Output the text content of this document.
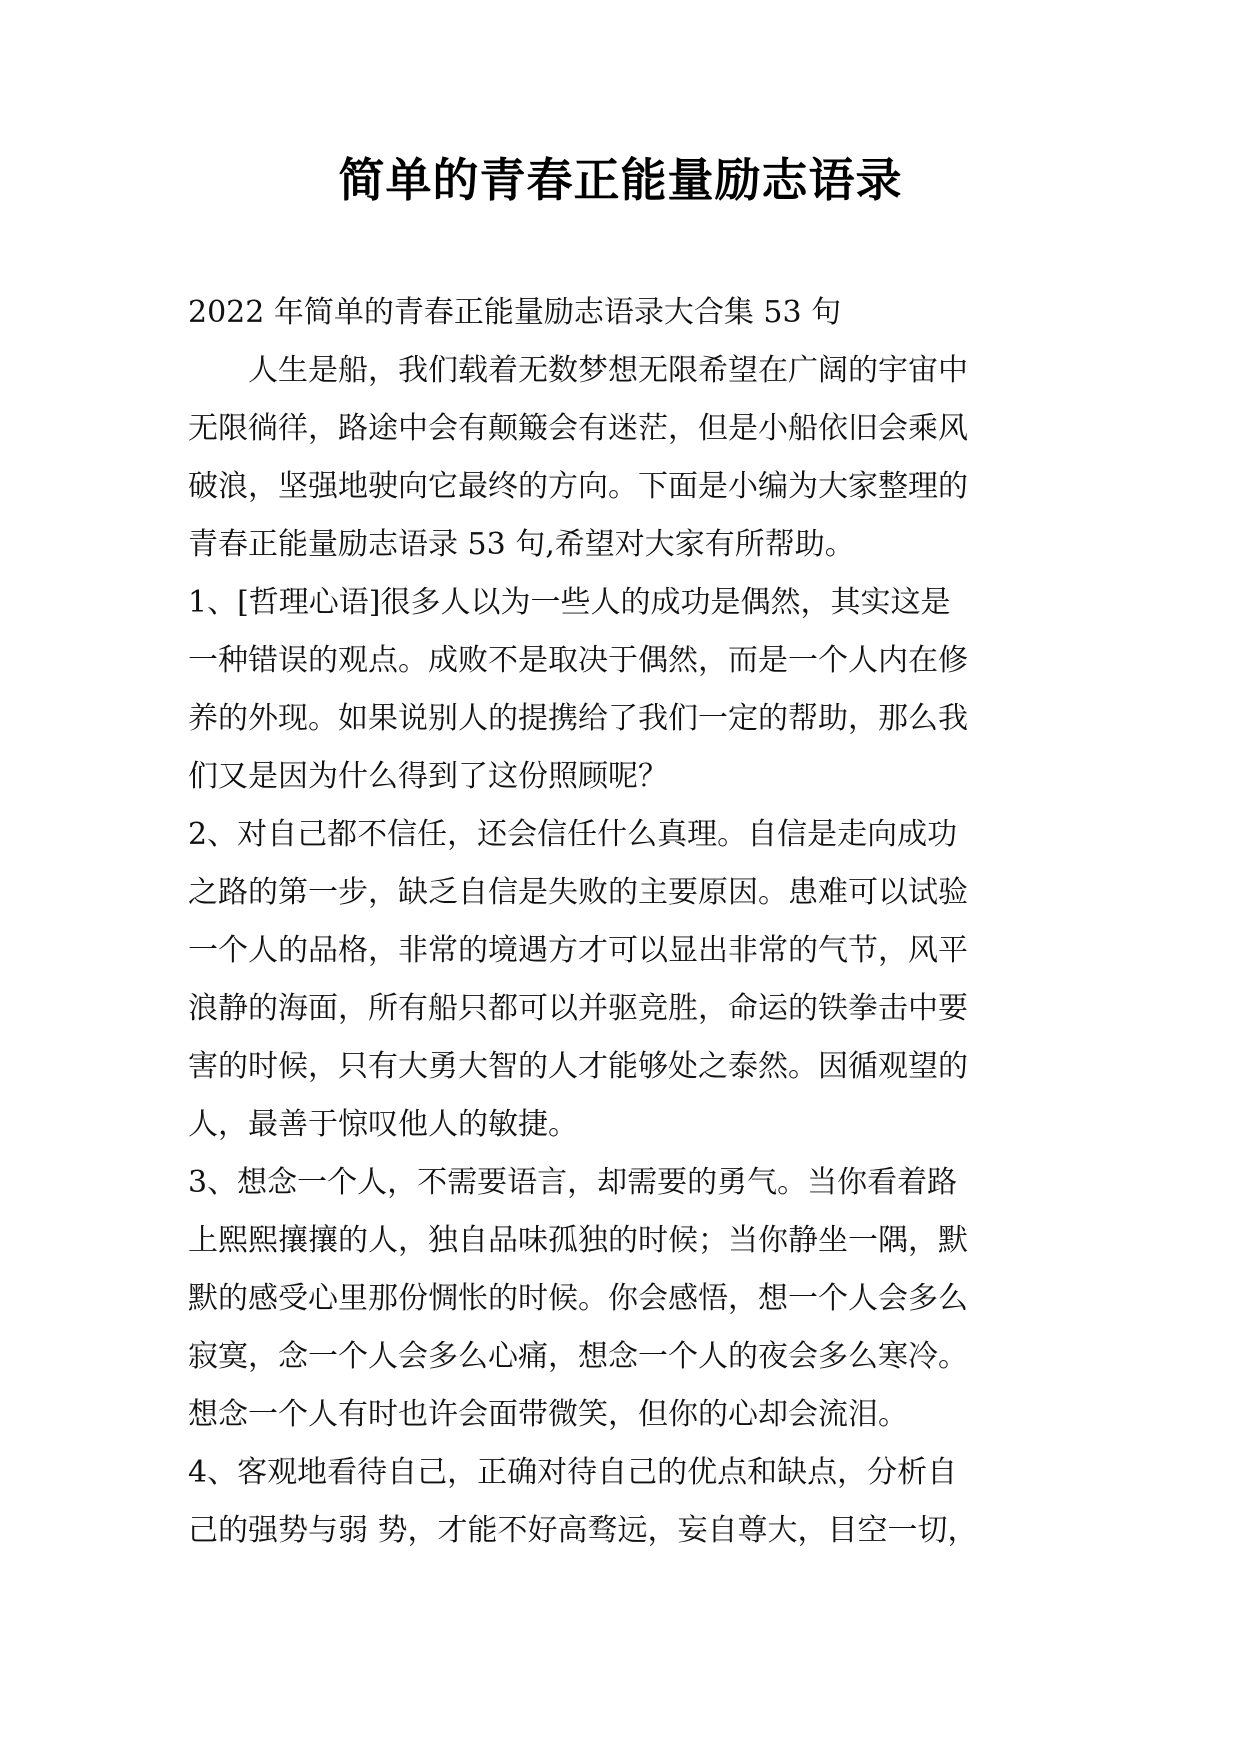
简单的青春正能量励志语录
2022 年简单的青春正能量励志语录大合集 53 句
人生是船，我们载着无数梦想无限希望在广阔的宇宙中
无限徜徉，路途中会有颠簸会有迷茫，但是小船依旧会乘风
破浪，坚强地驶向它最终的方向。下面是小编为大家整理的
青春正能量励志语录 53 句,希望对大家有所帮助。
1、[哲理心语]很多人以为一些人的成功是偶然，其实这是
一种错误的观点。成败不是取决于偶然，而是一个人内在修
养的外现。如果说别人的提携给了我们一定的帮助，那么我
们又是因为什么得到了这份照顾呢？
2、对自己都不信任，还会信任什么真理。自信是走向成功
之路的第一步，缺乏自信是失败的主要原因。患难可以试验
一个人的品格，非常的境遇方才可以显出非常的气节，风平
浪静的海面，所有船只都可以并驱竞胜，命运的铁拳击中要
害的时候，只有大勇大智的人才能够处之泰然。因循观望的
人，最善于惊叹他人的敏捷。
3、想念一个人，不需要语言，却需要的勇气。当你看着路
上熙熙攘攘的人，独自品味孤独的时候；当你静坐一隅，默
默的感受心里那份惆怅的时候。你会感悟，想一个人会多么
寂寞，念一个人会多么心痛，想念一个人的夜会多么寒冷。
想念一个人有时也许会面带微笑，但你的心却会流泪。
4、客观地看待自己，正确对待自己的优点和缺点，分析自
己的强势与弱 势，才能不好高骛远，妄自尊大，目空一切，
